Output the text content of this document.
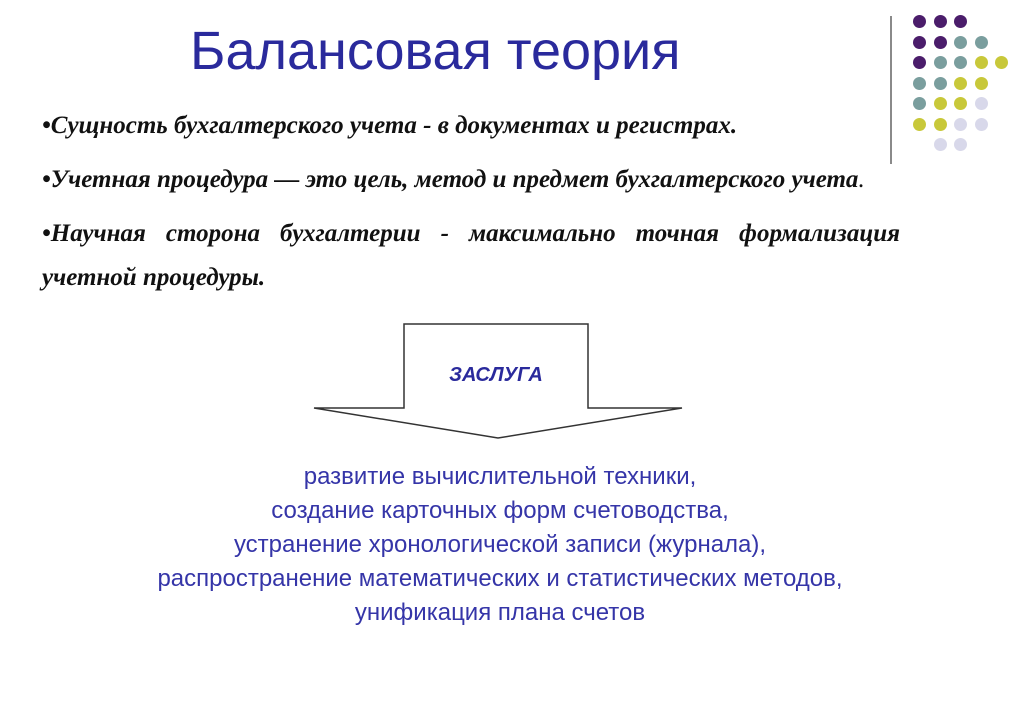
Балансовая теория

•Сущность бухгалтерского учета - в документах и регистрах.

•Учетная процедура — это цель, метод и предмет бухгалтерского учета.

•Научная сторона бухгалтерии - максимально точная формализация учетной процедуры.

ЗАСЛУГА
развитие вычислительной техники,
создание карточных форм счетоводства,
устранение хронологической записи (журнала),
распространение математических и статистических методов,
унификация плана счетов
